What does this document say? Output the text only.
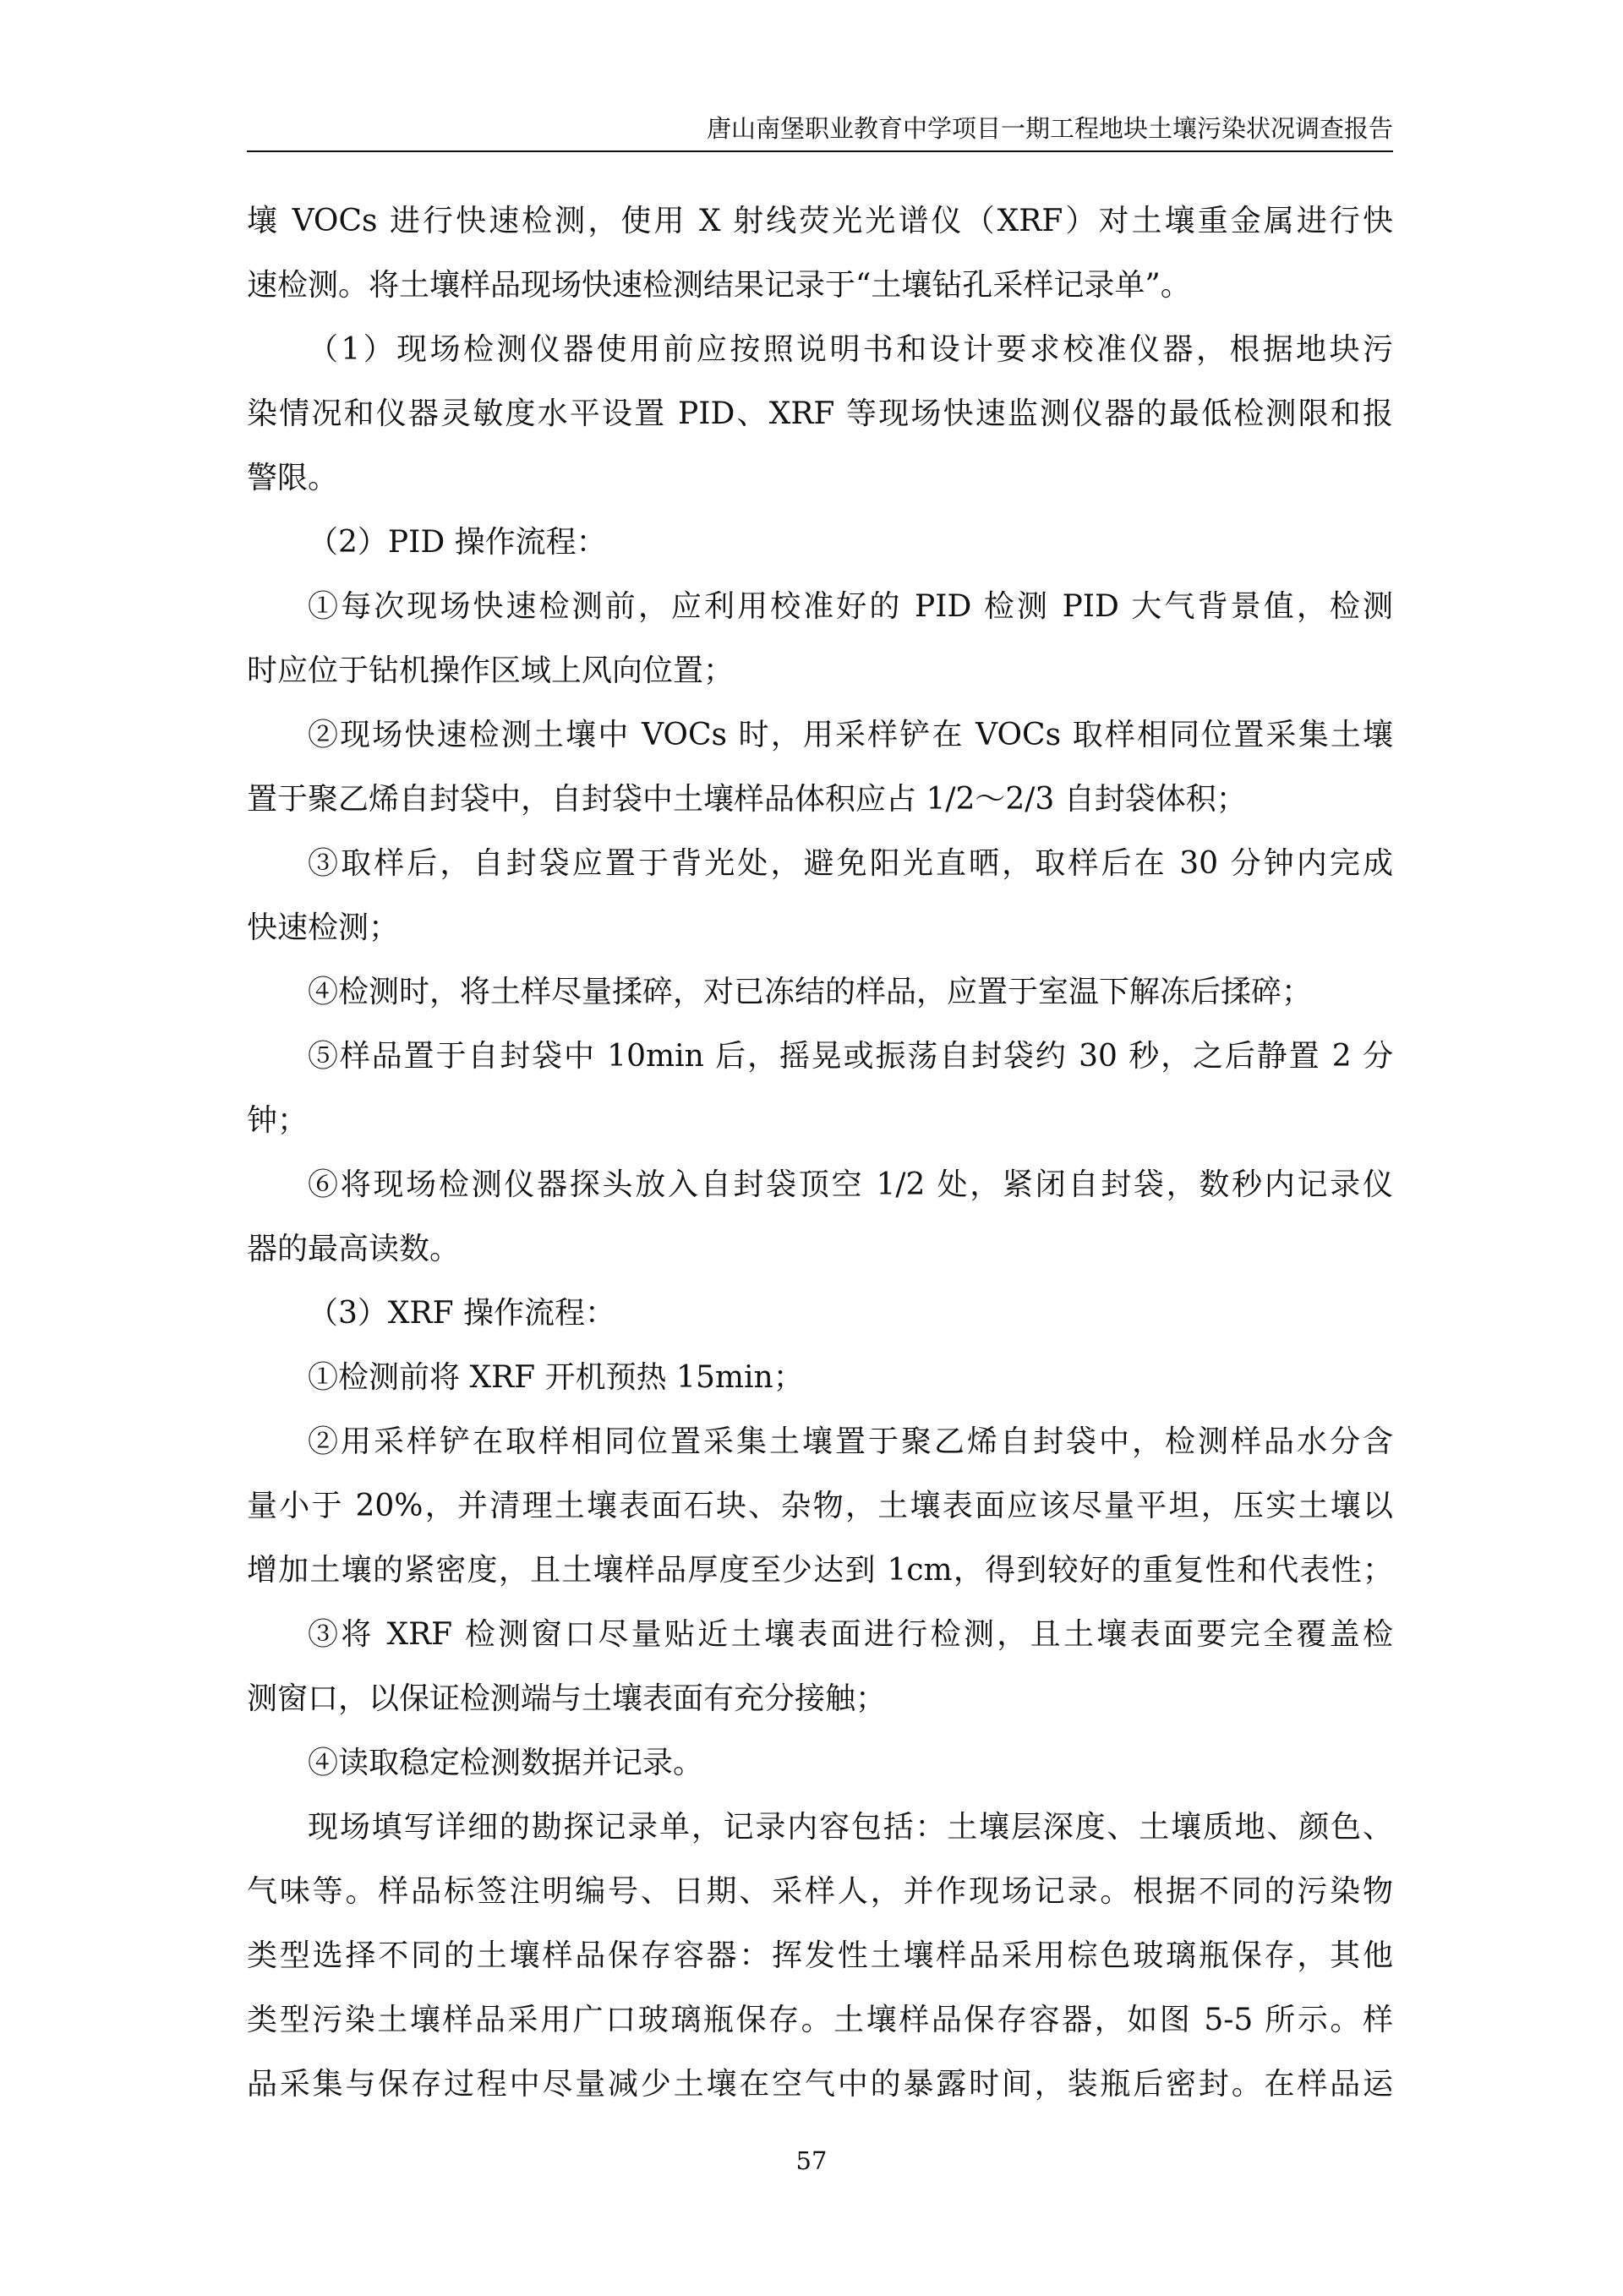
唐山南堡职业教育中学项目一期工程地块土壤污染状况调查报告
壤 VOCs 进行快速检测，使用 X 射线荧光光谱仪（XRF）对土壤重金属进行快
速检测。将土壤样品现场快速检测结果记录于“土壤钻孔采样记录单”。
（1）现场检测仪器使用前应按照说明书和设计要求校准仪器，根据地块污
染情况和仪器灵敏度水平设置 PID、XRF 等现场快速监测仪器的最低检测限和报
警限。
（2）PID 操作流程：
①每次现场快速检测前，应利用校准好的 PID 检测 PID 大气背景值，检测
时应位于钻机操作区域上风向位置；
②现场快速检测土壤中 VOCs 时，用采样铲在 VOCs 取样相同位置采集土壤
置于聚乙烯自封袋中，自封袋中土壤样品体积应占 1/2～2/3 自封袋体积；
③取样后，自封袋应置于背光处，避免阳光直晒，取样后在 30 分钟内完成
快速检测；
④检测时，将土样尽量揉碎，对已冻结的样品，应置于室温下解冻后揉碎；
⑤样品置于自封袋中 10min 后，摇晃或振荡自封袋约 30 秒，之后静置 2 分
钟；
⑥将现场检测仪器探头放入自封袋顶空 1/2 处，紧闭自封袋，数秒内记录仪
器的最高读数。
（3）XRF 操作流程：
①检测前将 XRF 开机预热 15min；
②用采样铲在取样相同位置采集土壤置于聚乙烯自封袋中，检测样品水分含
量小于 20%，并清理土壤表面石块、杂物，土壤表面应该尽量平坦，压实土壤以
增加土壤的紧密度，且土壤样品厚度至少达到 1cm，得到较好的重复性和代表性；
③将 XRF 检测窗口尽量贴近土壤表面进行检测，且土壤表面要完全覆盖检
测窗口，以保证检测端与土壤表面有充分接触；
④读取稳定检测数据并记录。
现场填写详细的勘探记录单，记录内容包括：土壤层深度、土壤质地、颜色、
气味等。样品标签注明编号、日期、采样人，并作现场记录。根据不同的污染物
类型选择不同的土壤样品保存容器：挥发性土壤样品采用棕色玻璃瓶保存，其他
类型污染土壤样品采用广口玻璃瓶保存。土壤样品保存容器，如图 5-5 所示。样
品采集与保存过程中尽量减少土壤在空气中的暴露时间，装瓶后密封。在样品运
57
